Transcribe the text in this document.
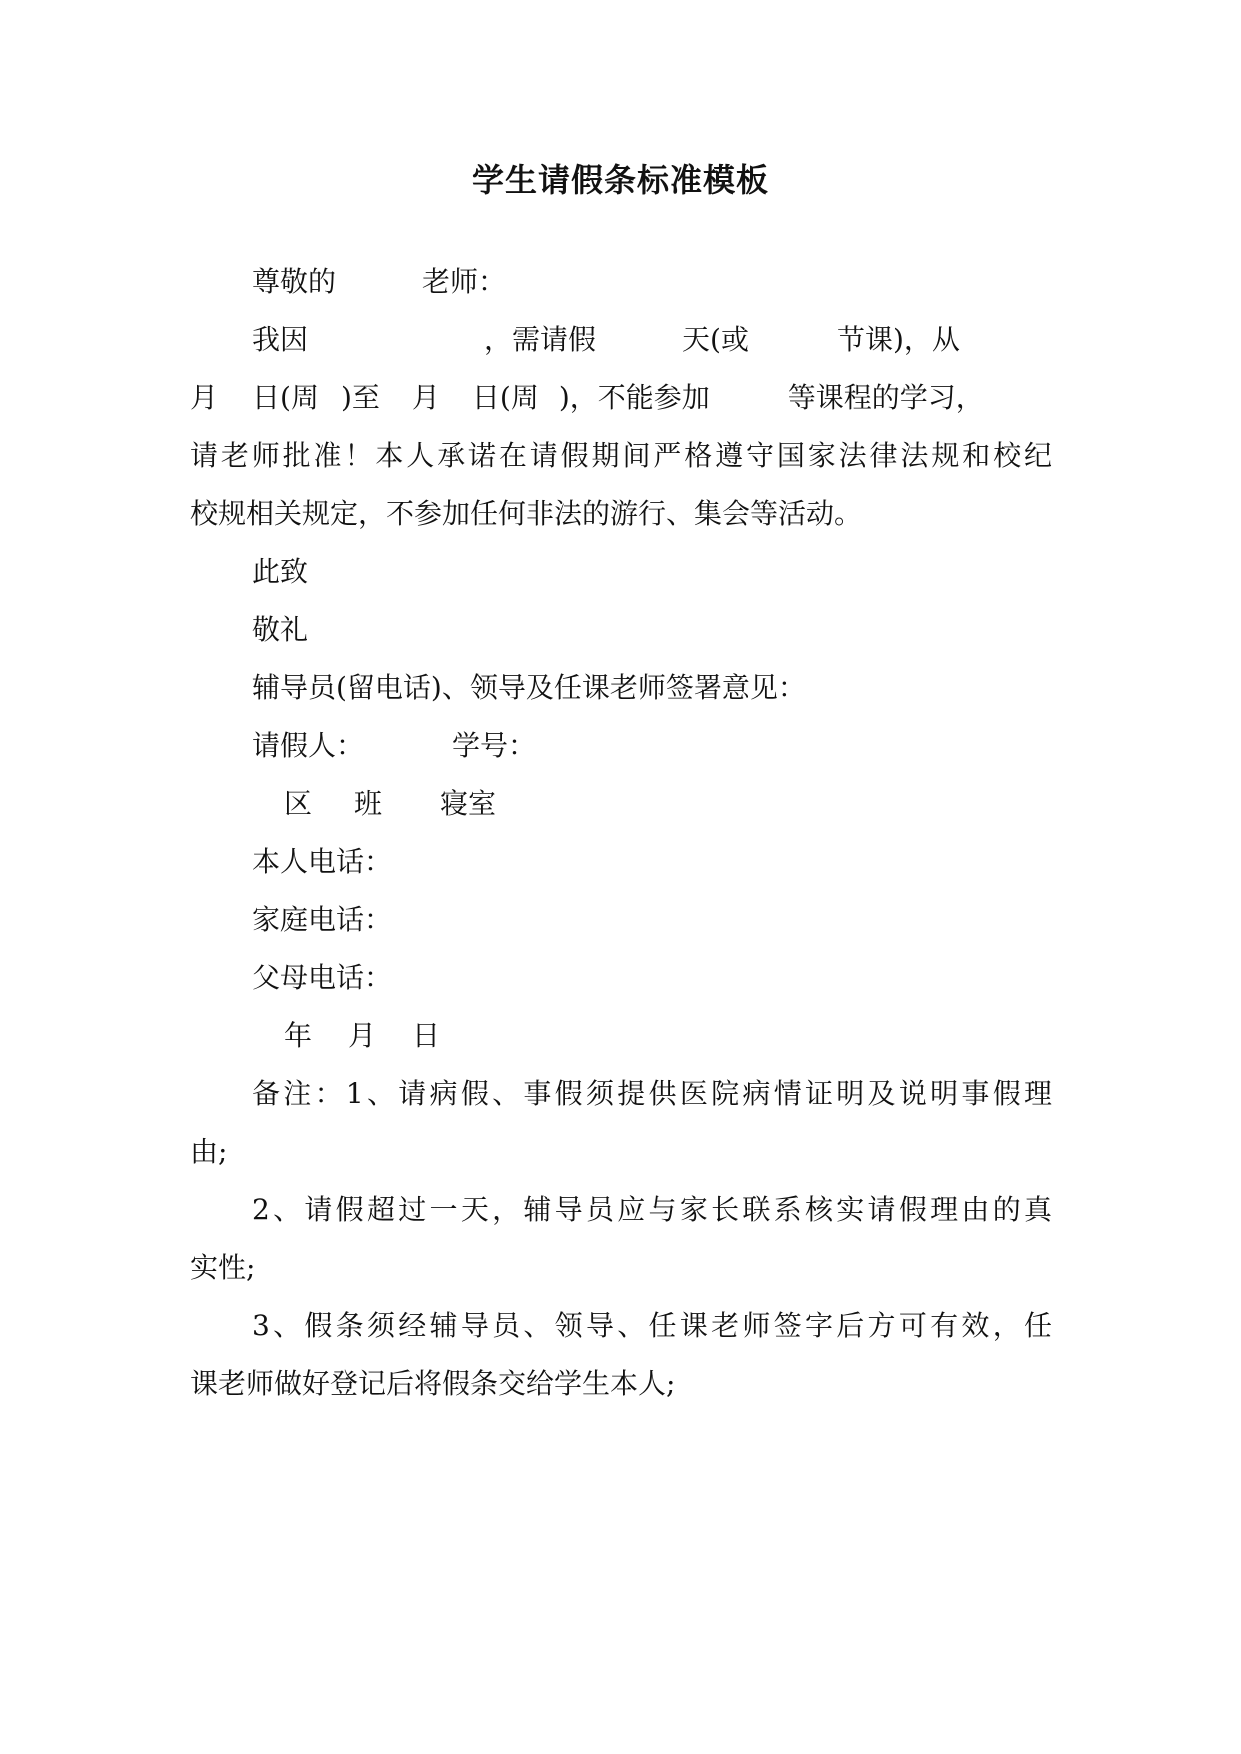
学生请假条标准模板
尊敬的	老师：
我因	，需请假	天(或	节课)，从
月 日(周 )至 月 日(周 )，不能参加	等课程的学习，
请老师批准！本人承诺在请假期间严格遵守国家法律法规和校纪
校规相关规定，不参加任何非法的游行、集会等活动。
此致
敬礼
辅导员(留电话)、领导及任课老师签署意见：
请假人：	学号：
区 班 寝室
本人电话：
家庭电话：
父母电话：
年 月 日
备注：1、请病假、事假须提供医院病情证明及说明事假理
由;
2、请假超过一天，辅导员应与家长联系核实请假理由的真
实性;
3、假条须经辅导员、领导、任课老师签字后方可有效，任
课老师做好登记后将假条交给学生本人;
